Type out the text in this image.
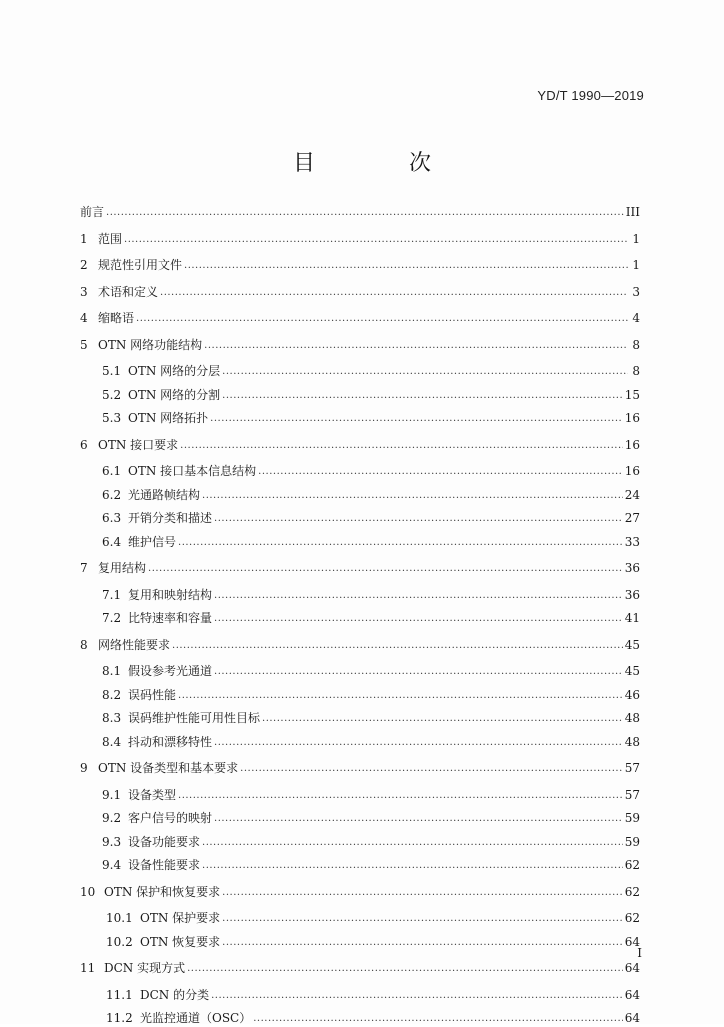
YD/T 1990—2019
目　次
前言 .....	III
1 范围 .....	1
2 规范性引用文件 .....	1
3 术语和定义 .....	3
4 缩略语 .....	4
5 OTN 网络功能结构 .....	8
5.1 OTN 网络的分层 .....	8
5.2 OTN 网络的分割 .....	15
5.3 OTN 网络拓扑 .....	16
6 OTN 接口要求 .....	16
6.1 OTN 接口基本信息结构 .....	16
6.2 光通路帧结构 .....	24
6.3 开销分类和描述 .....	27
6.4 维护信号 .....	33
7 复用结构 .....	36
7.1 复用和映射结构 .....	36
7.2 比特速率和容量 .....	41
8 网络性能要求 .....	45
8.1 假设参考光通道 .....	45
8.2 误码性能 .....	46
8.3 误码维护性能可用性目标 .....	48
8.4 抖动和漂移特性 .....	48
9 OTN 设备类型和基本要求 .....	57
9.1 设备类型 .....	57
9.2 客户信号的映射 .....	59
9.3 设备功能要求 .....	59
9.4 设备性能要求 .....	62
10 OTN 保护和恢复要求 .....	62
10.1 OTN 保护要求 .....	62
10.2 OTN 恢复要求 .....	64
11 DCN 实现方式 .....	64
11.1 DCN 的分类 .....	64
11.2 光监控通道（OSC） .....	64
I
